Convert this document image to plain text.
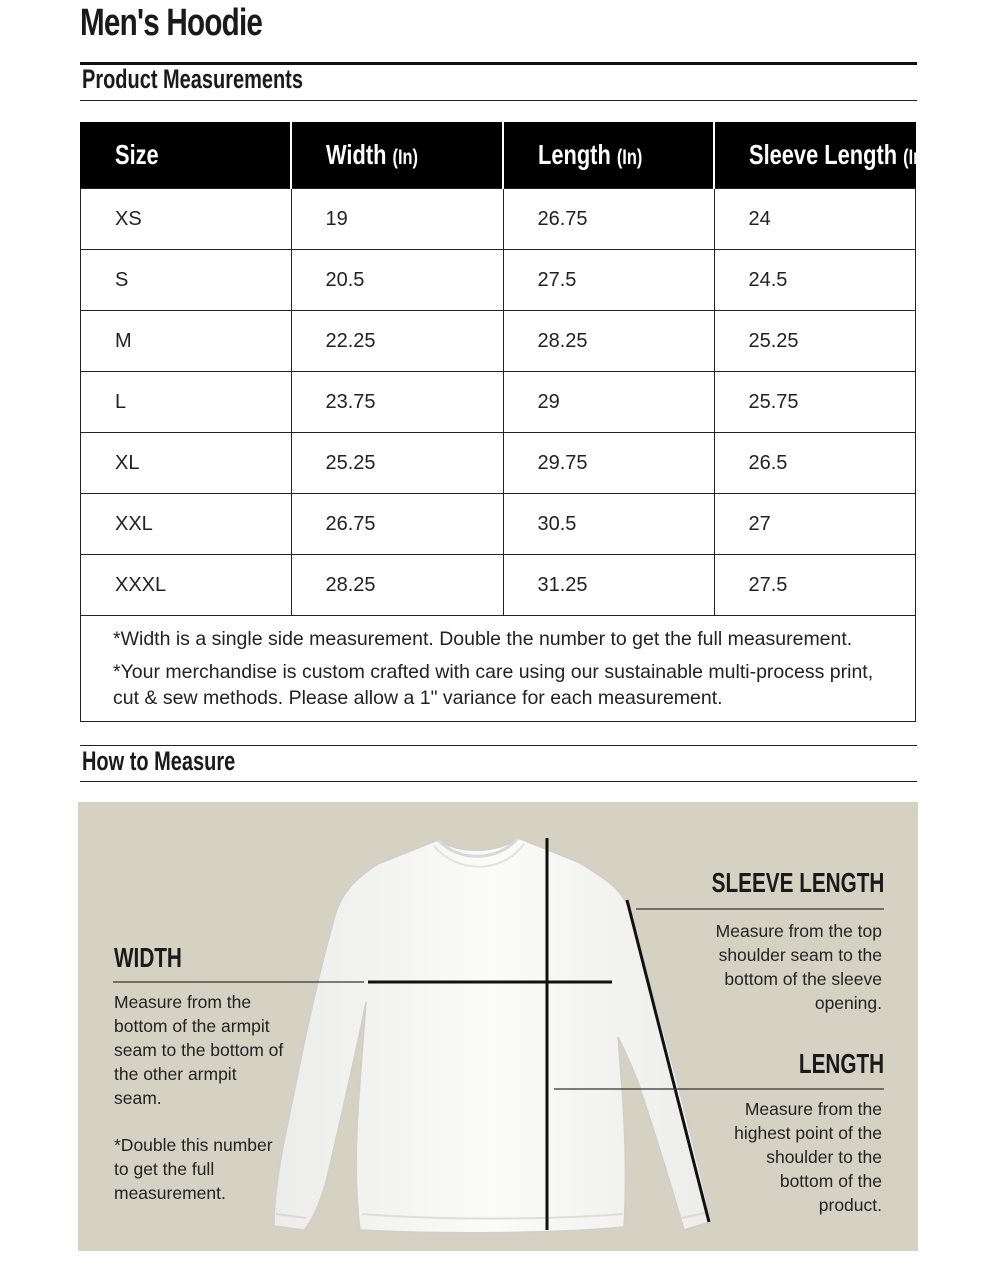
Men's Hoodie
Product Measurements
Size	Width (In)	Length (In)	Sleeve Length (In)
XS	19	26.75	24
S	20.5	27.5	24.5
M	22.25	28.25	25.25
L	23.75	29	25.75
XL	25.25	29.75	26.5
XXL	26.75	30.5	27
XXXL	28.25	31.25	27.5

*Width is a single side measurement. Double the number to get the full measurement.

*Your merchandise is custom crafted with care using our sustainable multi-process print, cut & sew methods. Please allow a 1" variance for each measurement.			

How to Measure
WIDTH
Measure from the bottom of the armpit seam to the bottom of the other armpit seam.
*Double this number to get the full measurement.
SLEEVE LENGTH
Measure from the top shoulder seam to the bottom of the sleeve opening.
LENGTH
Measure from the highest point of the shoulder to the bottom of the product.
